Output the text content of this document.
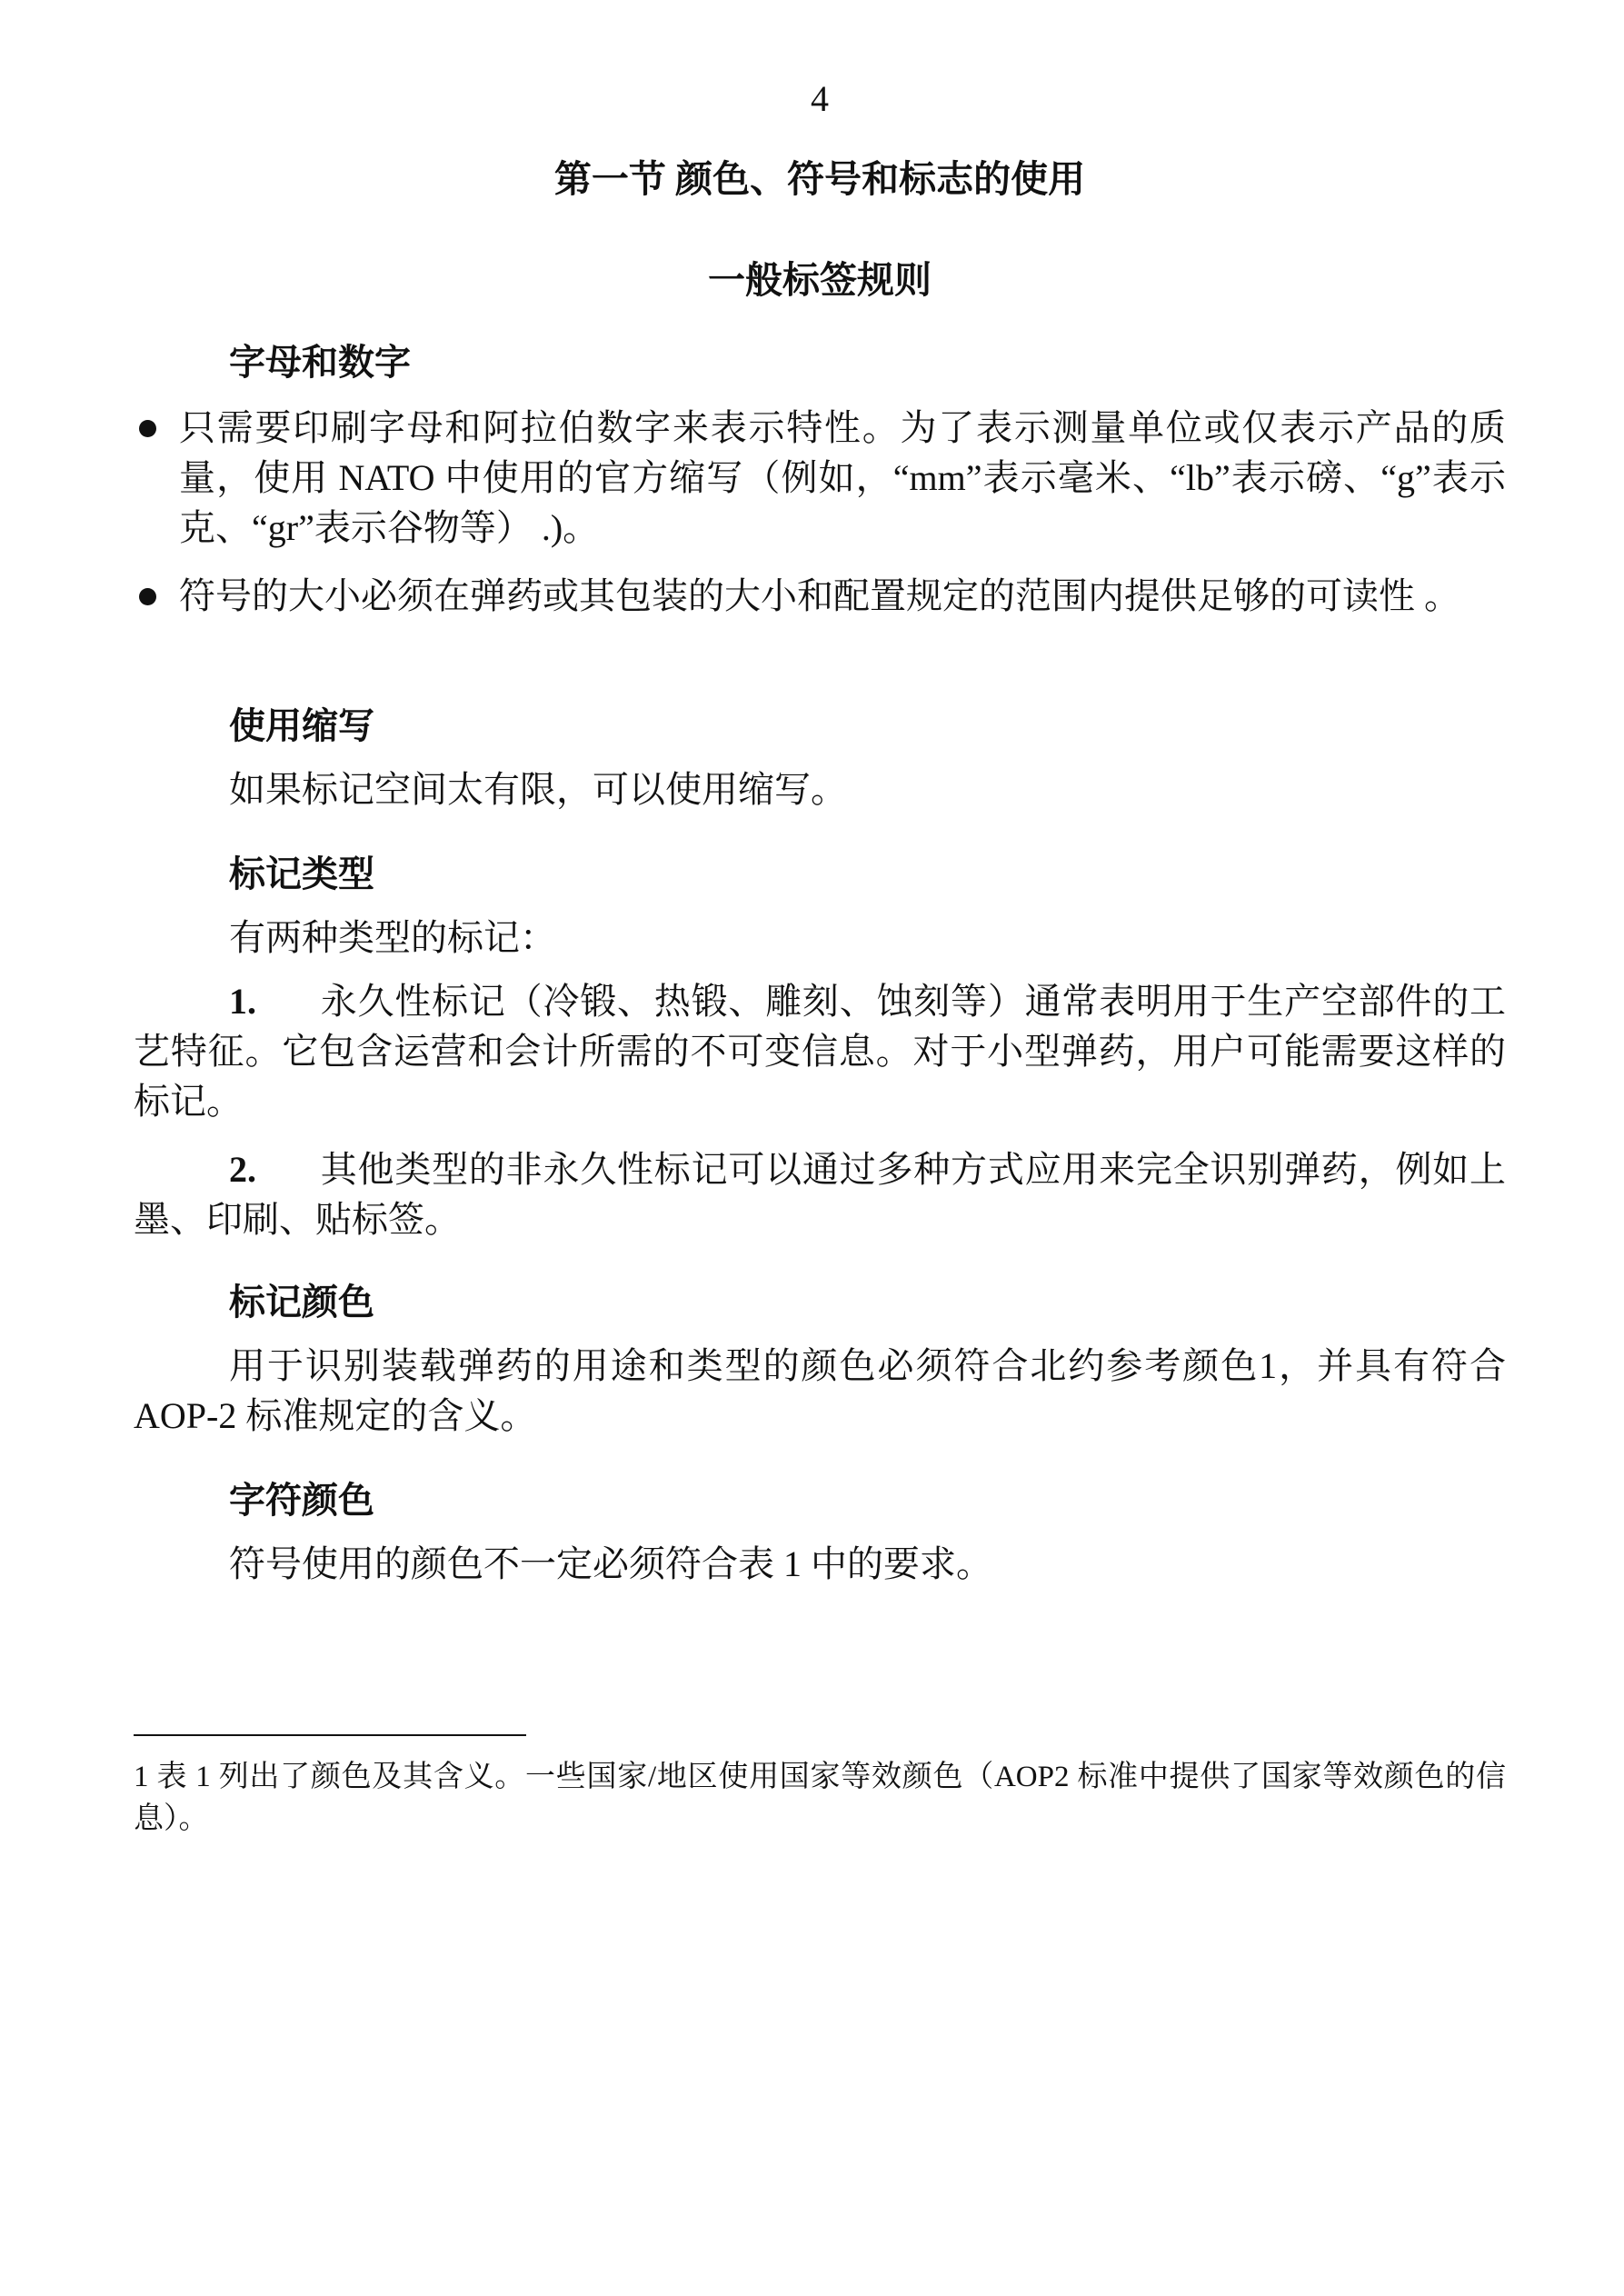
4
第一节 颜色、符号和标志的使用
一般标签规则
字母和数字
只需要印刷字母和阿拉伯数字来表示特性。为了表示测量单位或仅表示产品的质量，使用 NATO 中使用的官方缩写（例如，“mm”表示毫米、“lb”表示磅、“g”表示克、“gr”表示谷物等） .)。
符号的大小必须在弹药或其包装的大小和配置规定的范围内提供足够的可读性 。
使用缩写

如果标记空间太有限，可以使用缩写。

标记类型

有两种类型的标记：

1. 永久性标记（冷锻、热锻、雕刻、蚀刻等）通常表明用于生产空部件的工艺特征。它包含运营和会计所需的不可变信息。对于小型弹药，用户可能需要这样的标记。

2. 其他类型的非永久性标记可以通过多种方式应用来完全识别弹药，例如上墨、印刷、贴标签。

标记颜色

用于识别装载弹药的用途和类型的颜色必须符合北约参考颜色1，并具有符合 AOP-2 标准规定的含义。

字符颜色

符号使用的颜色不一定必须符合表 1 中的要求。

1 表 1 列出了颜色及其含义。一些国家/地区使用国家等效颜色（AOP2 标准中提供了国家等效颜色的信息）。
